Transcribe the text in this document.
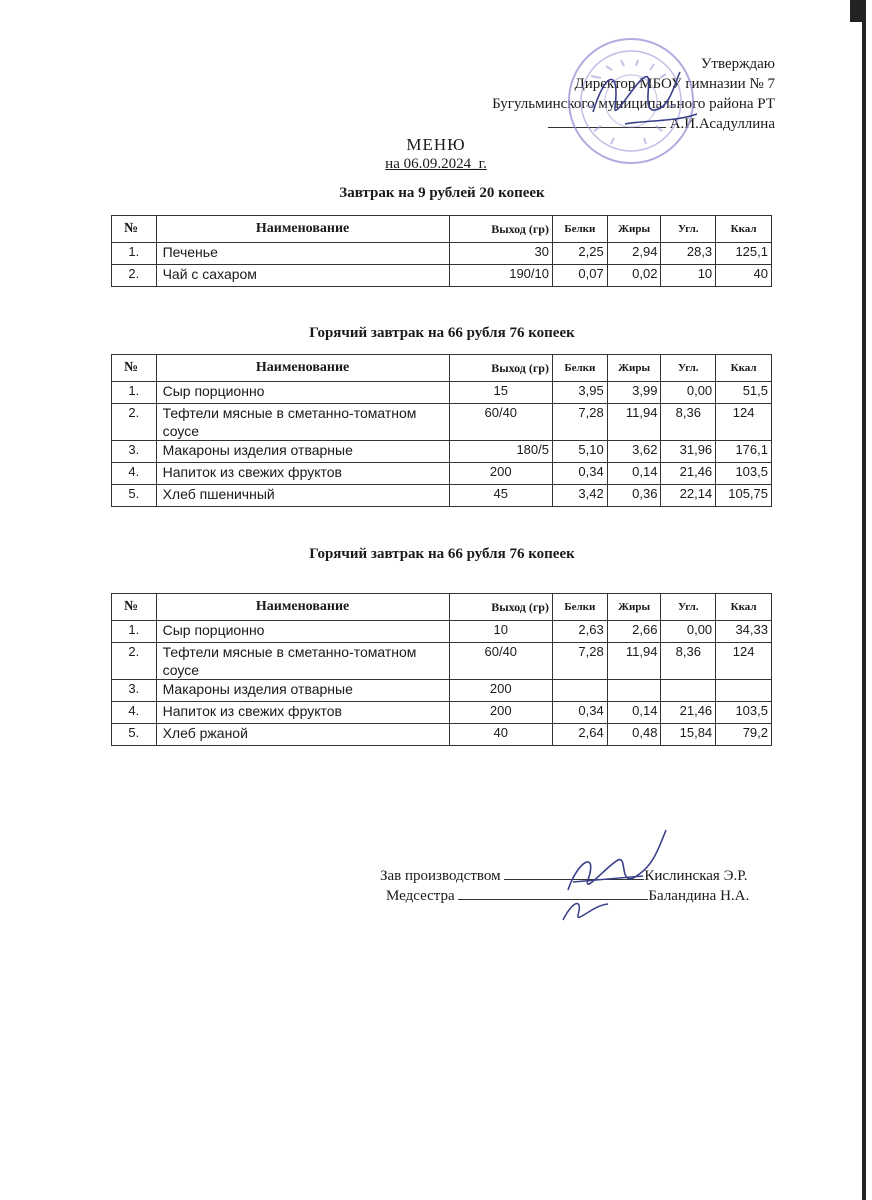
Утверждаю
Директор МБОУ гимназии № 7
Бугульминского муниципального района РТ
А.И.Асадуллина
МЕНЮ
на 06.09.2024_г.
Завтрак на 9 рублей 20 копеек
№	Наименование	Выход (гр)	Белки	Жиры	Угл.	Ккал
1.	Печенье	30	2,25	2,94	28,3	125,1
2.	Чай с сахаром	190/10	0,07	0,02	10	40
Горячий завтрак на 66 рубля 76 копеек
№	Наименование	Выход (гр)	Белки	Жиры	Угл.	Ккал
1.	Сыр порционно	15	3,95	3,99	0,00	51,5
2.	Тефтели мясные в сметанно-томатном соусе	60/40	7,28	11,94	8,36	124
3.	Макароны изделия отварные	180/5	5,10	3,62	31,96	176,1
4.	Напиток из свежих фруктов	200	0,34	0,14	21,46	103,5
5.	Хлеб пшеничный	45	3,42	0,36	22,14	105,75
Горячий завтрак на 66 рубля 76 копеек
№	Наименование	Выход (гр)	Белки	Жиры	Угл.	Ккал
1.	Сыр порционно	10	2,63	2,66	0,00	34,33
2.	Тефтели мясные в сметанно-томатном соусе	60/40	7,28	11,94	8,36	124
3.	Макароны изделия отварные	200				
4.	Напиток из свежих фруктов	200	0,34	0,14	21,46	103,5
5.	Хлеб ржаной	40	2,64	0,48	15,84	79,2
Зав производством	Кислинская Э.Р.
Медсестра	Баландина Н.А.
